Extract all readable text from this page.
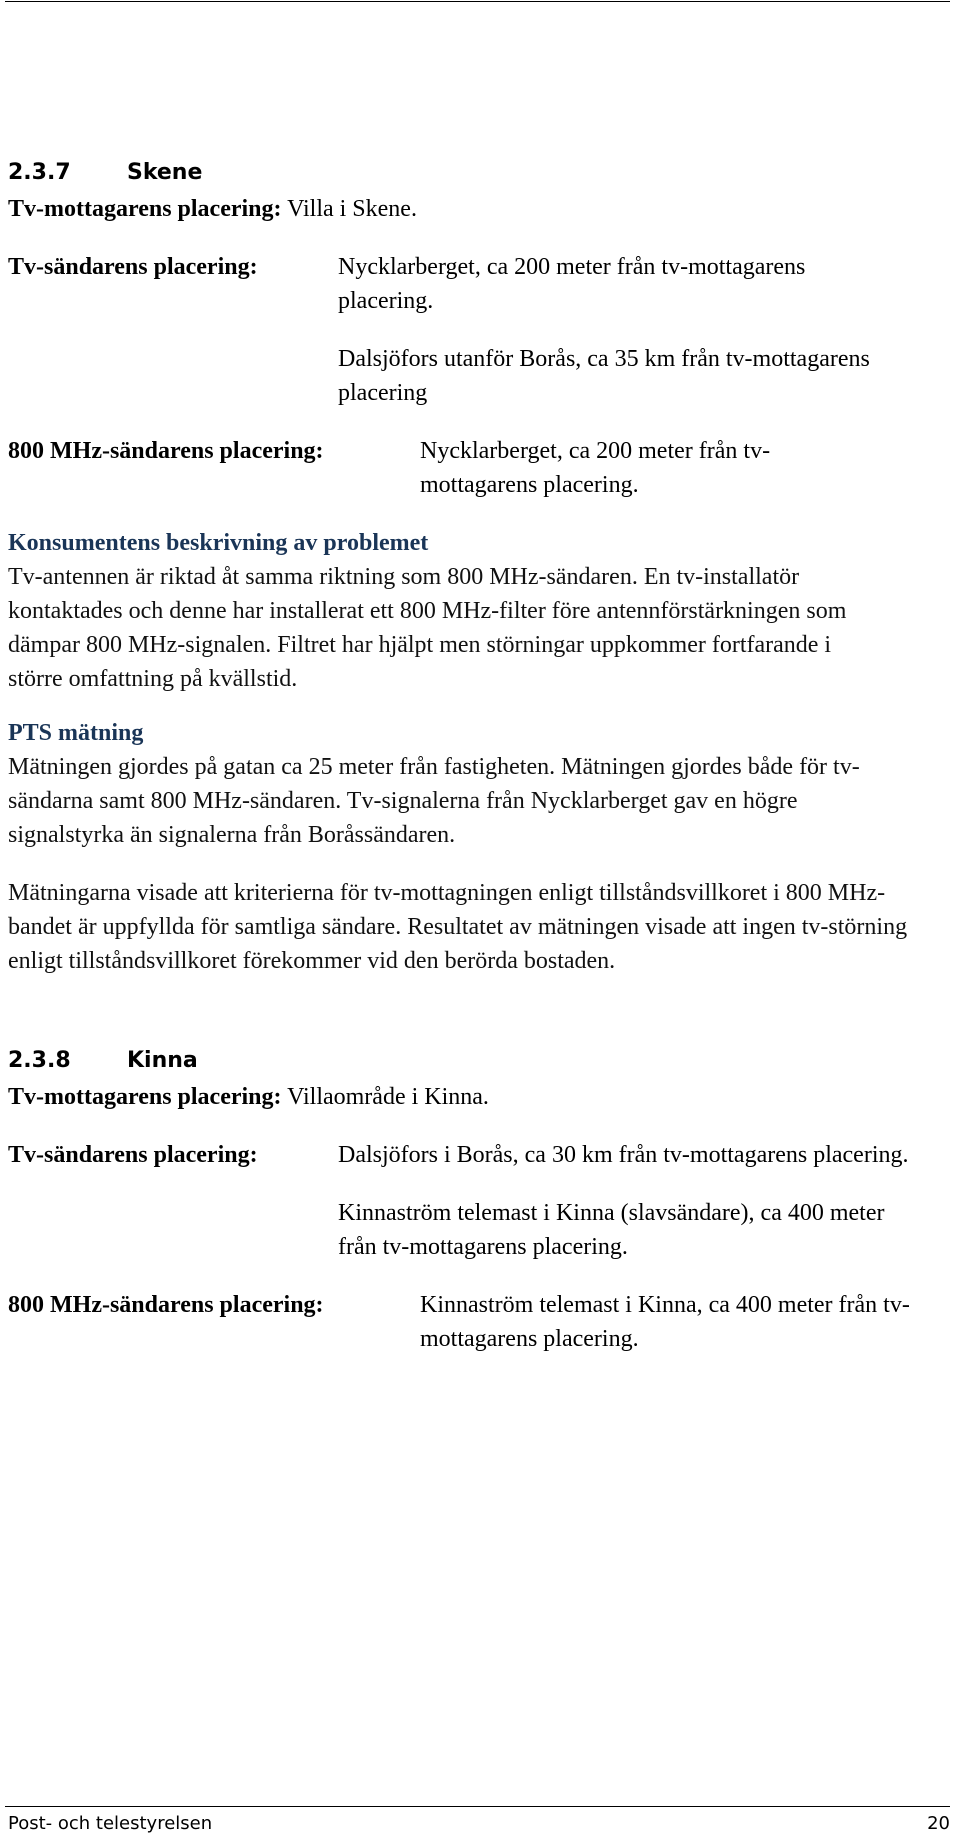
2.3.7	Skene
Tv-mottagarens placering: Villa i Skene.
Tv-sändarens placering:	Nycklarberget, ca 200 meter från tv-mottagarens placering.
Dalsjöfors utanför Borås, ca 35 km från tv-mottagarens placering
800 MHz-sändarens placering:	Nycklarberget, ca 200 meter från tv-mottagarens placering.
Konsumentens beskrivning av problemet
Tv-antennen är riktad åt samma riktning som 800 MHz-sändaren. En tv-installatör kontaktades och denne har installerat ett 800 MHz-filter före antennförstärkningen som dämpar 800 MHz-signalen. Filtret har hjälpt men störningar uppkommer fortfarande i större omfattning på kvällstid.
PTS mätning
Mätningen gjordes på gatan ca 25 meter från fastigheten. Mätningen gjordes både för tv-sändarna samt 800 MHz-sändaren. Tv-signalerna från Nycklarberget gav en högre signalstyrka än signalerna från Boråssändaren.
Mätningarna visade att kriterierna för tv-mottagningen enligt tillståndsvillkoret i 800 MHz-bandet är uppfyllda för samtliga sändare. Resultatet av mätningen visade att ingen tv-störning enligt tillståndsvillkoret förekommer vid den berörda bostaden.
2.3.8	Kinna
Tv-mottagarens placering: Villaområde i Kinna.
Tv-sändarens placering:	Dalsjöfors i Borås, ca 30 km från tv-mottagarens placering.
Kinnaström telemast i Kinna (slavsändare), ca 400 meter från tv-mottagarens placering.
800 MHz-sändarens placering:	Kinnaström telemast i Kinna, ca 400 meter från tv-mottagarens placering.
Post- och telestyrelsen	20
